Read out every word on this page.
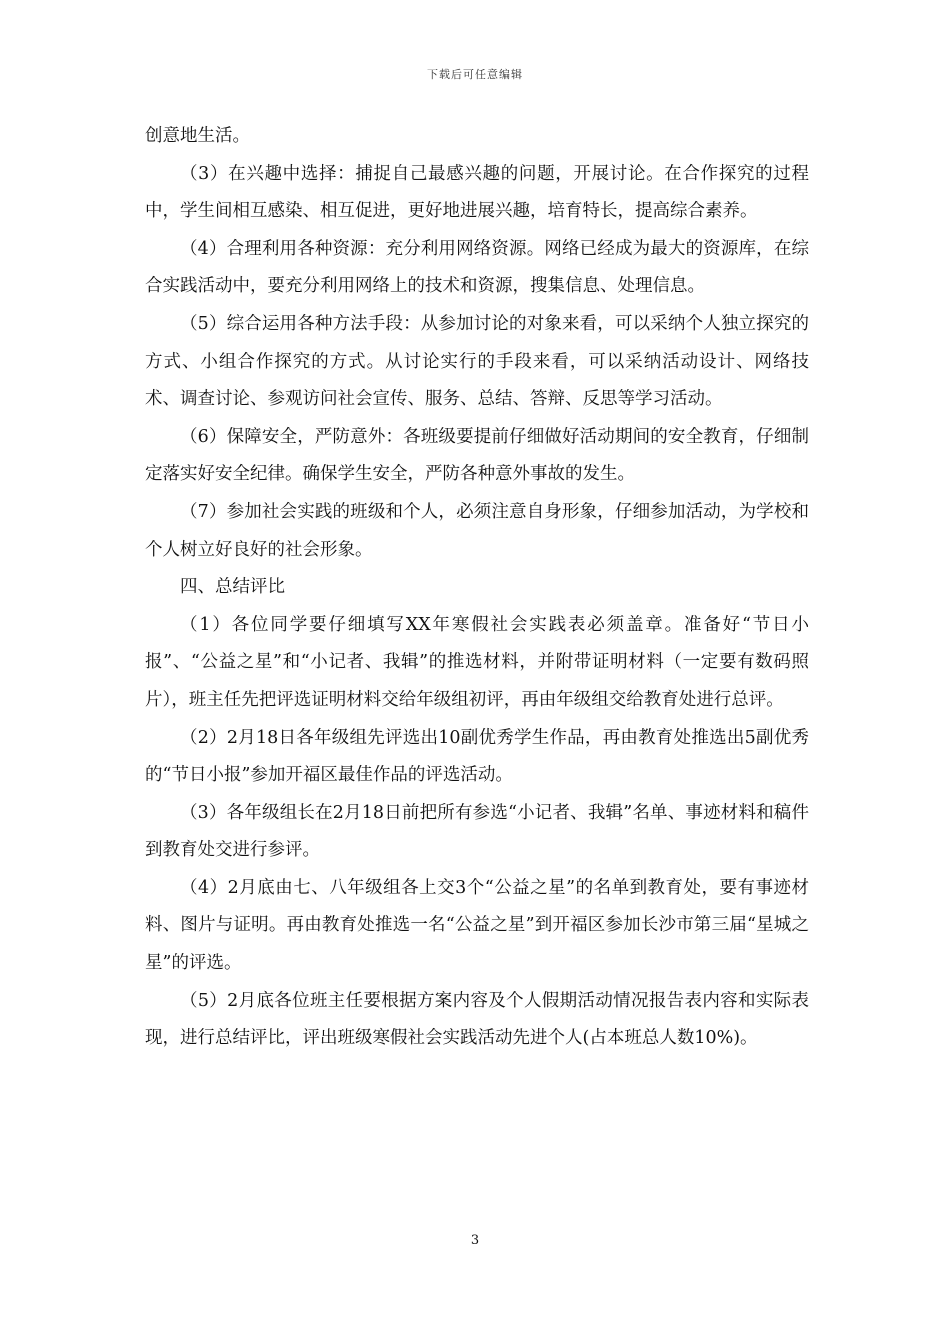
下载后可任意编辑

创意地生活。

（3）在兴趣中选择：捕捉自己最感兴趣的问题，开展讨论。在合作探究的过程中，学生间相互感染、相互促进，更好地进展兴趣，培育特长，提高综合素养。

（4）合理利用各种资源：充分利用网络资源。网络已经成为最大的资源库，在综合实践活动中，要充分利用网络上的技术和资源，搜集信息、处理信息。

（5）综合运用各种方法手段：从参加讨论的对象来看，可以采纳个人独立探究的方式、小组合作探究的方式。从讨论实行的手段来看，可以采纳活动设计、网络技术、调查讨论、参观访问社会宣传、服务、总结、答辩、反思等学习活动。

（6）保障安全，严防意外：各班级要提前仔细做好活动期间的安全教育，仔细制定落实好安全纪律。确保学生安全，严防各种意外事故的发生。

（7）参加社会实践的班级和个人，必须注意自身形象，仔细参加活动，为学校和个人树立好良好的社会形象。

四、总结评比

（1）各位同学要仔细填写XX年寒假社会实践表必须盖章。准备好“节日小报”、“公益之星”和“小记者、我辑”的推选材料，并附带证明材料（一定要有数码照片），班主任先把评选证明材料交给年级组初评，再由年级组交给教育处进行总评。

（2）2月18日各年级组先评选出10副优秀学生作品，再由教育处推选出5副优秀的“节日小报”参加开福区最佳作品的评选活动。

（3）各年级组长在2月18日前把所有参选“小记者、我辑”名单、事迹材料和稿件到教育处交进行参评。

（4）2月底由七、八年级组各上交3个“公益之星”的名单到教育处，要有事迹材料、图片与证明。再由教育处推选一名“公益之星”到开福区参加长沙市第三届“星城之星”的评选。

（5）2月底各位班主任要根据方案内容及个人假期活动情况报告表内容和实际表现，进行总结评比，评出班级寒假社会实践活动先进个人(占本班总人数10%)。

3
